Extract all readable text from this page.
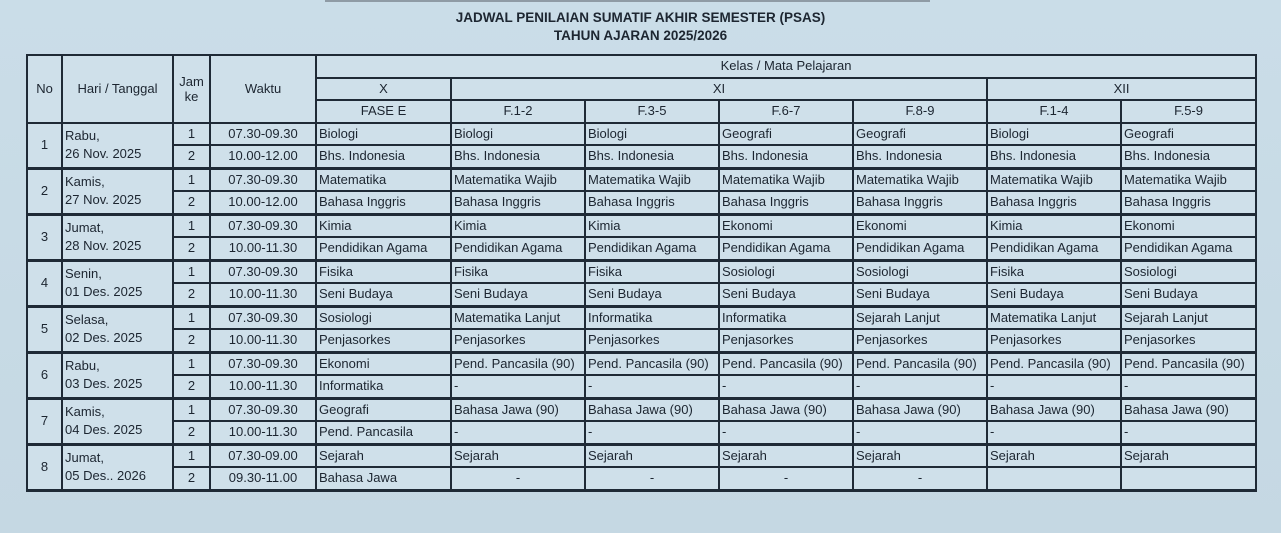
JADWAL PENILAIAN SUMATIF AKHIR SEMESTER (PSAS)
TAHUN AJARAN 2025/2026
No	Hari / Tanggal	Jam ke	Waktu	Kelas / Mata Pelajaran						
				X	XI				XII	
				FASE E	F.1-2	F.3-5	F.6-7	F.8-9	F.1-4	F.5-9
1	Rabu,
26 Nov. 2025	1	07.30-09.30	Biologi	Biologi	Biologi	Geografi	Geografi	Biologi	Geografi
		2	10.00-12.00	Bhs. Indonesia	Bhs. Indonesia	Bhs. Indonesia	Bhs. Indonesia	Bhs. Indonesia	Bhs. Indonesia	Bhs. Indonesia
2	Kamis,
27 Nov. 2025	1	07.30-09.30	Matematika	Matematika Wajib	Matematika Wajib	Matematika Wajib	Matematika Wajib	Matematika Wajib	Matematika Wajib
		2	10.00-12.00	Bahasa Inggris	Bahasa Inggris	Bahasa Inggris	Bahasa Inggris	Bahasa Inggris	Bahasa Inggris	Bahasa Inggris
3	Jumat,
28 Nov. 2025	1	07.30-09.30	Kimia	Kimia	Kimia	Ekonomi	Ekonomi	Kimia	Ekonomi
		2	10.00-11.30	Pendidikan Agama	Pendidikan Agama	Pendidikan Agama	Pendidikan Agama	Pendidikan Agama	Pendidikan Agama	Pendidikan Agama
4	Senin,
01 Des. 2025	1	07.30-09.30	Fisika	Fisika	Fisika	Sosiologi	Sosiologi	Fisika	Sosiologi
		2	10.00-11.30	Seni Budaya	Seni Budaya	Seni Budaya	Seni Budaya	Seni Budaya	Seni Budaya	Seni Budaya
5	Selasa,
02 Des. 2025	1	07.30-09.30	Sosiologi	Matematika Lanjut	Informatika	Informatika	Sejarah Lanjut	Matematika Lanjut	Sejarah Lanjut
		2	10.00-11.30	Penjasorkes	Penjasorkes	Penjasorkes	Penjasorkes	Penjasorkes	Penjasorkes	Penjasorkes
6	Rabu,
03 Des. 2025	1	07.30-09.30	Ekonomi	Pend. Pancasila (90)	Pend. Pancasila (90)	Pend. Pancasila (90)	Pend. Pancasila (90)	Pend. Pancasila (90)	Pend. Pancasila (90)
		2	10.00-11.30	Informatika	-	-	-	-	-	-
7	Kamis,
04 Des. 2025	1	07.30-09.30	Geografi	Bahasa Jawa (90)	Bahasa Jawa (90)	Bahasa Jawa (90)	Bahasa Jawa (90)	Bahasa Jawa (90)	Bahasa Jawa (90)
		2	10.00-11.30	Pend. Pancasila	-	-	-	-	-	-
8	Jumat,
05 Des.. 2026	1	07.30-09.00	Sejarah	Sejarah	Sejarah	Sejarah	Sejarah	Sejarah	Sejarah
		2	09.30-11.00	Bahasa Jawa	-	-	-	-		
